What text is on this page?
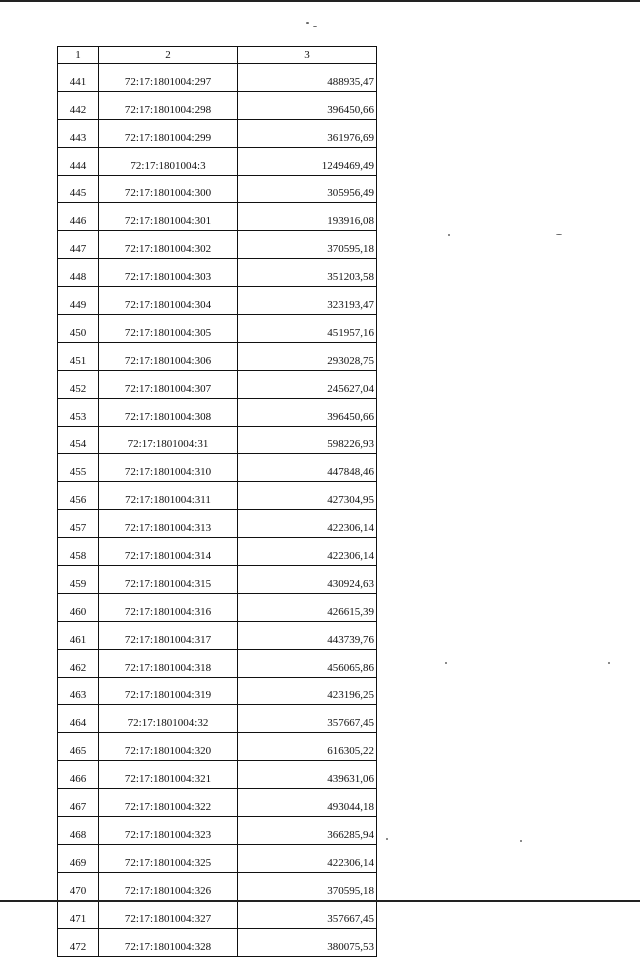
1	2	3
441	72:17:1801004:297	488935,47
442	72:17:1801004:298	396450,66
443	72:17:1801004:299	361976,69
444	72:17:1801004:3	1249469,49
445	72:17:1801004:300	305956,49
446	72:17:1801004:301	193916,08
447	72:17:1801004:302	370595,18
448	72:17:1801004:303	351203,58
449	72:17:1801004:304	323193,47
450	72:17:1801004:305	451957,16
451	72:17:1801004:306	293028,75
452	72:17:1801004:307	245627,04
453	72:17:1801004:308	396450,66
454	72:17:1801004:31	598226,93
455	72:17:1801004:310	447848,46
456	72:17:1801004:311	427304,95
457	72:17:1801004:313	422306,14
458	72:17:1801004:314	422306,14
459	72:17:1801004:315	430924,63
460	72:17:1801004:316	426615,39
461	72:17:1801004:317	443739,76
462	72:17:1801004:318	456065,86
463	72:17:1801004:319	423196,25
464	72:17:1801004:32	357667,45
465	72:17:1801004:320	616305,22
466	72:17:1801004:321	439631,06
467	72:17:1801004:322	493044,18
468	72:17:1801004:323	366285,94
469	72:17:1801004:325	422306,14
470	72:17:1801004:326	370595,18
471	72:17:1801004:327	357667,45
472	72:17:1801004:328	380075,53
